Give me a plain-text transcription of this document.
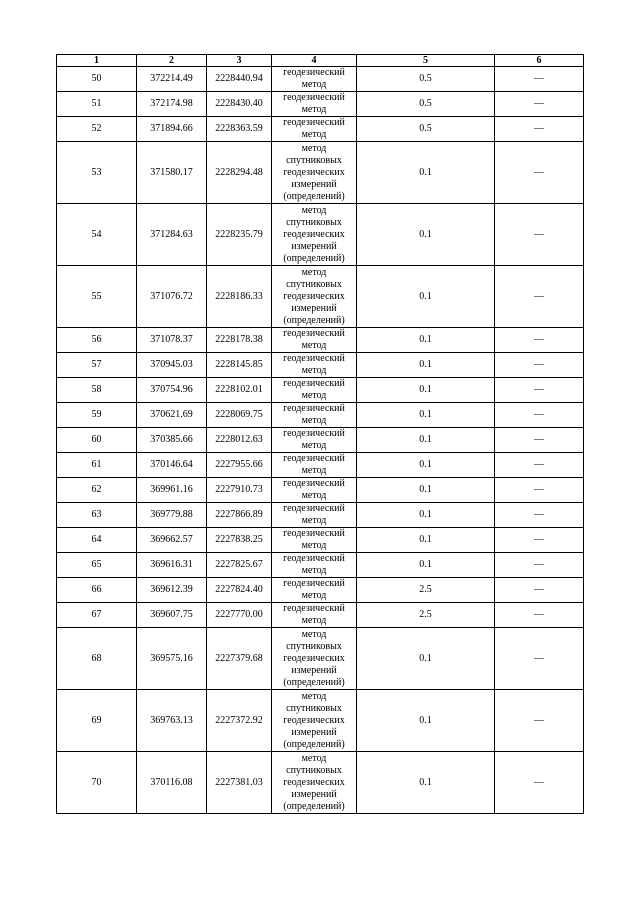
1	2	3	4	5	6
50	372214.49	2228440.94	геодезический
метод	0.5	—
51	372174.98	2228430.40	геодезический
метод	0.5	—
52	371894.66	2228363.59	геодезический
метод	0.5	—
53	371580.17	2228294.48	метод
спутниковых
геодезических
измерений
(определений)	0.1	—
54	371284.63	2228235.79	метод
спутниковых
геодезических
измерений
(определений)	0.1	—
55	371076.72	2228186.33	метод
спутниковых
геодезических
измерений
(определений)	0.1	—
56	371078.37	2228178.38	геодезический
метод	0.1	—
57	370945.03	2228145.85	геодезический
метод	0.1	—
58	370754.96	2228102.01	геодезический
метод	0.1	—
59	370621.69	2228069.75	геодезический
метод	0.1	—
60	370385.66	2228012.63	геодезический
метод	0.1	—
61	370146.64	2227955.66	геодезический
метод	0.1	—
62	369961.16	2227910.73	геодезический
метод	0.1	—
63	369779.88	2227866.89	геодезический
метод	0.1	—
64	369662.57	2227838.25	геодезический
метод	0.1	—
65	369616.31	2227825.67	геодезический
метод	0.1	—
66	369612.39	2227824.40	геодезический
метод	2.5	—
67	369607.75	2227770.00	геодезический
метод	2.5	—
68	369575.16	2227379.68	метод
спутниковых
геодезических
измерений
(определений)	0.1	—
69	369763.13	2227372.92	метод
спутниковых
геодезических
измерений
(определений)	0.1	—
70	370116.08	2227381.03	метод
спутниковых
геодезических
измерений
(определений)	0.1	—
